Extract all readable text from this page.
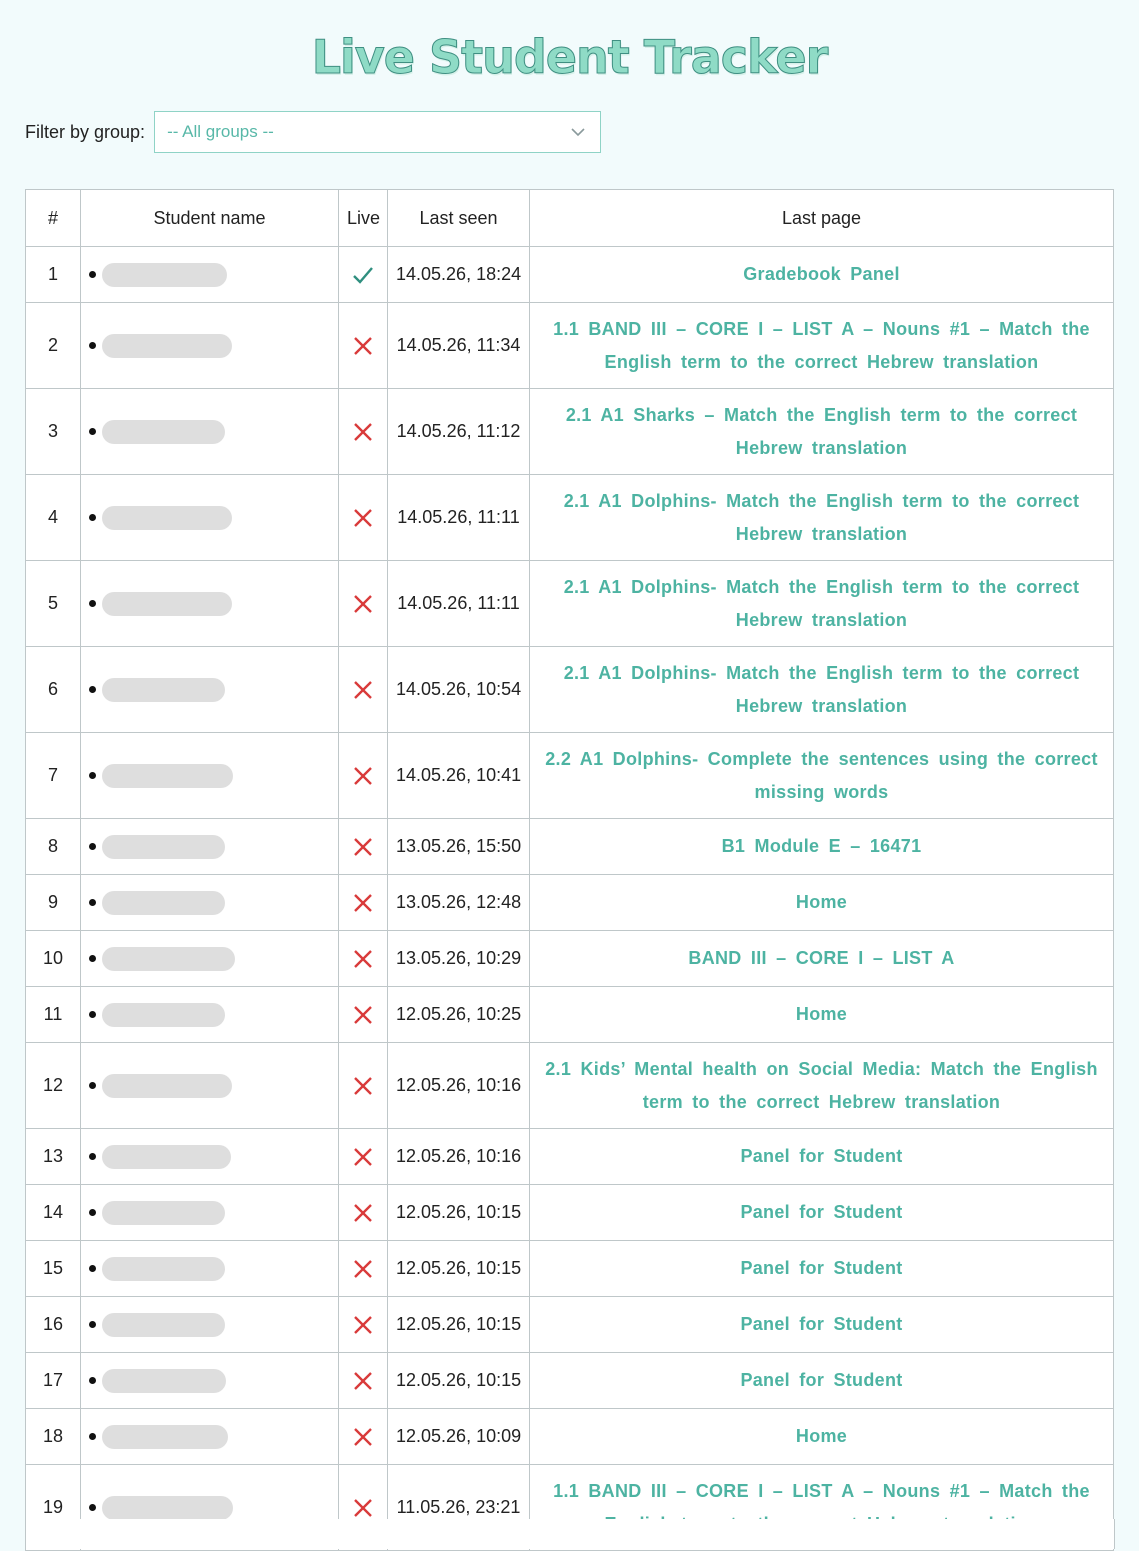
Live Student Tracker
Filter by group: -- All groups --
#	Student name	Live	Last seen	Last page
1			14.05.26, 18:24	Gradebook Panel
2			14.05.26, 11:34	1.1 BAND III – CORE I – LIST A – Nouns #1 – Match the English term to the correct Hebrew translation
3			14.05.26, 11:12	2.1 A1 Sharks – Match the English term to the correct Hebrew translation
4			14.05.26, 11:11	2.1 A1 Dolphins- Match the English term to the correct Hebrew translation
5			14.05.26, 11:11	2.1 A1 Dolphins- Match the English term to the correct Hebrew translation
6			14.05.26, 10:54	2.1 A1 Dolphins- Match the English term to the correct Hebrew translation
7			14.05.26, 10:41	2.2 A1 Dolphins- Complete the sentences using the correct missing words
8			13.05.26, 15:50	B1 Module E – 16471
9			13.05.26, 12:48	Home
10			13.05.26, 10:29	BAND III – CORE I – LIST A
11			12.05.26, 10:25	Home
12			12.05.26, 10:16	2.1 Kids’ Mental health on Social Media: Match the English term to the correct Hebrew translation
13			12.05.26, 10:16	Panel for Student
14			12.05.26, 10:15	Panel for Student
15			12.05.26, 10:15	Panel for Student
16			12.05.26, 10:15	Panel for Student
17			12.05.26, 10:15	Panel for Student
18			12.05.26, 10:09	Home
19			11.05.26, 23:21	1.1 BAND III – CORE I – LIST A – Nouns #1 – Match the
